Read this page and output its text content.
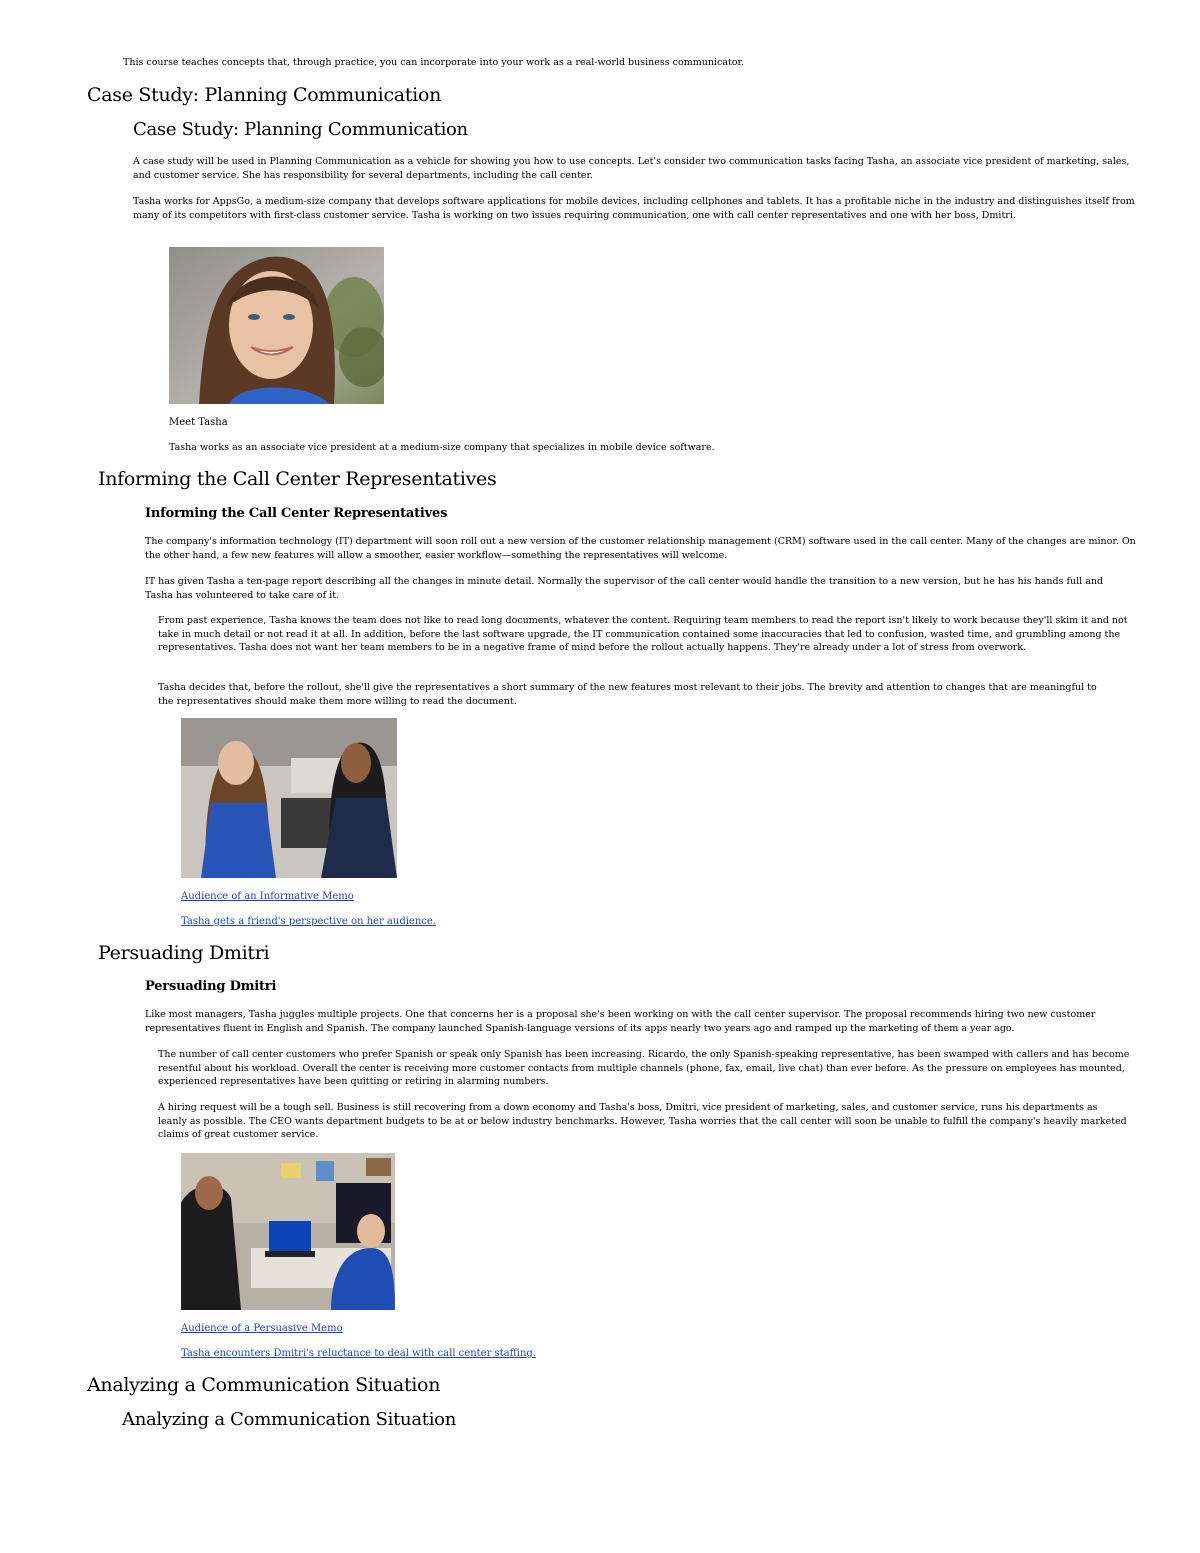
This course teaches concepts that, through practice, you can incorporate into your work as a real-world business communicator.

Case Study: Planning Communication
Case Study: Planning Communication

A case study will be used in Planning Communication as a vehicle for showing you how to use concepts. Let's consider two communication tasks facing Tasha, an associate vice president of marketing, sales, and customer service. She has responsibility for several departments, including the call center.

Tasha works for AppsGo, a medium-size company that develops software applications for mobile devices, including cellphones and tablets. It has a profitable niche in the industry and distinguishes itself from many of its competitors with first-class customer service. Tasha is working on two issues requiring communication, one with call center representatives and one with her boss, Dmitri.

Meet Tasha

Tasha works as an associate vice president at a medium-size company that specializes in mobile device software.

Informing the Call Center Representatives
Informing the Call Center Representatives

The company's information technology (IT) department will soon roll out a new version of the customer relationship management (CRM) software used in the call center. Many of the changes are minor. On the other hand, a few new features will allow a smoother, easier workflow—something the representatives will welcome.

IT has given Tasha a ten-page report describing all the changes in minute detail. Normally the supervisor of the call center would handle the transition to a new version, but he has his hands full and Tasha has volunteered to take care of it.

From past experience, Tasha knows the team does not like to read long documents, whatever the content. Requiring team members to read the report isn't likely to work because they'll skim it and not take in much detail or not read it at all. In addition, before the last software upgrade, the IT communication contained some inaccuracies that led to confusion, wasted time, and grumbling among the representatives. Tasha does not want her team members to be in a negative frame of mind before the rollout actually happens. They're already under a lot of stress from overwork.

Tasha decides that, before the rollout, she'll give the representatives a short summary of the new features most relevant to their jobs. The brevity and attention to changes that are meaningful to the representatives should make them more willing to read the document.

Audience of an Informative Memo
Tasha gets a friend's perspective on her audience.
Persuading Dmitri
Persuading Dmitri

Like most managers, Tasha juggles multiple projects. One that concerns her is a proposal she's been working on with the call center supervisor. The proposal recommends hiring two new customer representatives fluent in English and Spanish. The company launched Spanish-language versions of its apps nearly two years ago and ramped up the marketing of them a year ago.

The number of call center customers who prefer Spanish or speak only Spanish has been increasing. Ricardo, the only Spanish-speaking representative, has been swamped with callers and has become resentful about his workload. Overall the center is receiving more customer contacts from multiple channels (phone, fax, email, live chat) than ever before. As the pressure on employees has mounted, experienced representatives have been quitting or retiring in alarming numbers.

A hiring request will be a tough sell. Business is still recovering from a down economy and Tasha's boss, Dmitri, vice president of marketing, sales, and customer service, runs his departments as leanly as possible. The CEO wants department budgets to be at or below industry benchmarks. However, Tasha worries that the call center will soon be unable to fulfill the company's heavily marketed claims of great customer service.

Audience of a Persuasive Memo
Tasha encounters Dmitri's reluctance to deal with call center staffing.
Analyzing a Communication Situation
Analyzing a Communication Situation
